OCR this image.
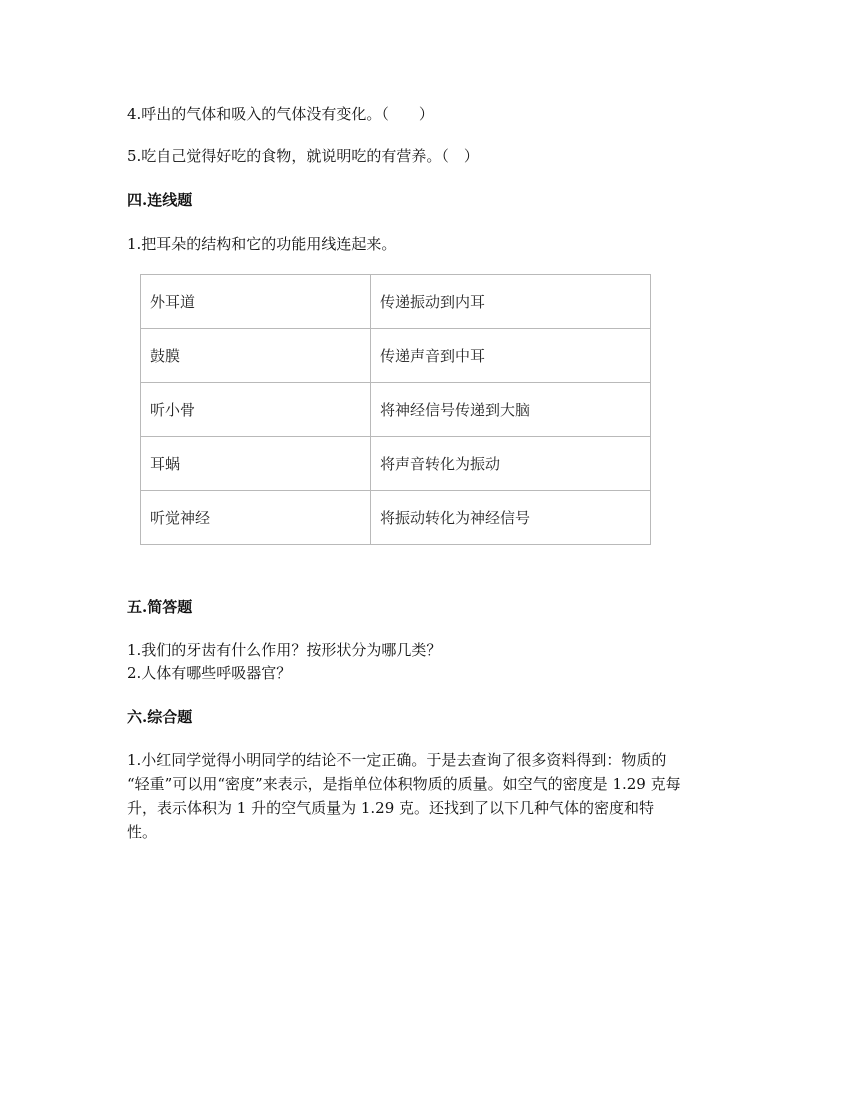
4.呼出的气体和吸入的气体没有变化。（　　）
5.吃自己觉得好吃的食物，就说明吃的有营养。（　）
四.连线题
1.把耳朵的结构和它的功能用线连起来。
外耳道	传递振动到内耳
鼓膜	传递声音到中耳
听小骨	将神经信号传递到大脑
耳蜗	将声音转化为振动
听觉神经	将振动转化为神经信号
五.简答题
1.我们的牙齿有什么作用？按形状分为哪几类？
2.人体有哪些呼吸器官？
六.综合题
1.小红同学觉得小明同学的结论不一定正确。于是去查询了很多资料得到：物质的
“轻重”可以用“密度”来表示，是指单位体积物质的质量。如空气的密度是 1.29 克每
升，表示体积为 1 升的空气质量为 1.29 克。还找到了以下几种气体的密度和特
性。
